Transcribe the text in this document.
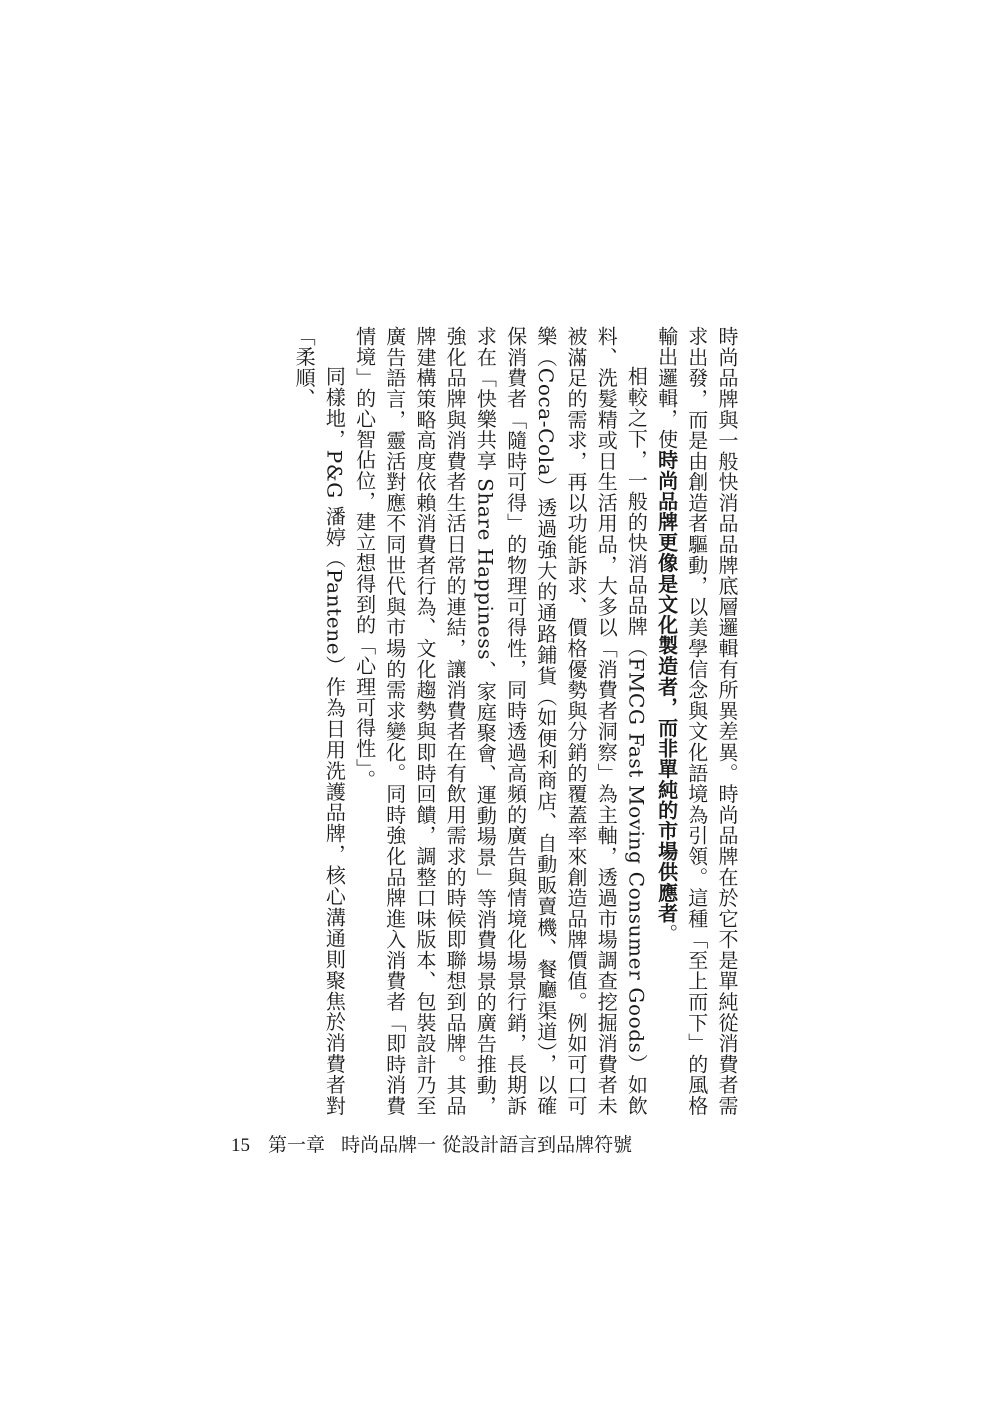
時尚品牌與一般快消品品牌底層邏輯有所異差異。時尚品牌在於它不是單純從消費者需求出發，而是由創造者驅動，以美學信念與文化語境為引領。這種「至上而下」的風格輸出邏輯，使時尚品牌更像是文化製造者，而非單純的市場供應者。

相較之下，一般的快消品品牌（FMCG Fast Moving Consumer Goods）如飲料、洗髮精或日生活用品，大多以「消費者洞察」為主軸，透過市場調查挖掘消費者未被滿足的需求，再以功能訴求、價格優勢與分銷的覆蓋率來創造品牌價值。例如可口可樂（Coca-Cola）透過強大的通路鋪貨（如便利商店、自動販賣機、餐廳渠道），以確保消費者「隨時可得」的物理可得性，同時透過高頻的廣告與情境化場景行銷，長期訴求在「快樂共享 Share Happiness、家庭聚會、運動場景」等消費場景的廣告推動，強化品牌與消費者生活日常的連結，讓消費者在有飲用需求的時候即聯想到品牌。其品牌建構策略高度依賴消費者行為、文化趨勢與即時回饋，調整口味版本、包裝設計乃至廣告語言，靈活對應不同世代與市場的需求變化。同時強化品牌進入消費者「即時消費情境」的心智佔位，建立想得到的「心理可得性」。

同樣地，P&G 潘婷（Pantene）作為日用洗護品牌，核心溝通則聚焦於消費者對「柔順、

15 第一章 時尚品牌一 從設計語言到品牌符號
